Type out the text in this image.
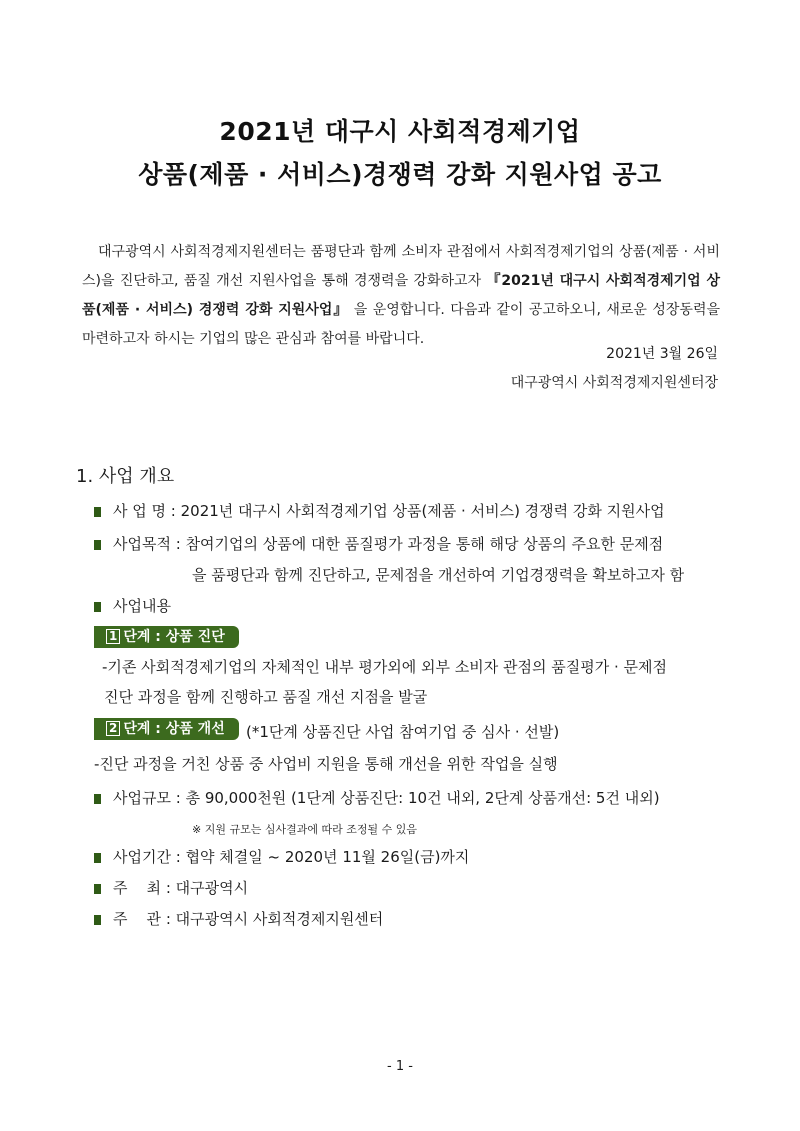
2021년 대구시 사회적경제기업
상품(제품 · 서비스)경쟁력 강화 지원사업 공고
대구광역시 사회적경제지원센터는 품평단과 함께 소비자 관점에서 사회적경제기업의 상품(제품 · 서비스)을 진단하고, 품질 개선 지원사업을 통해 경쟁력을 강화하고자 『2021년 대구시 사회적경제기업 상품(제품 · 서비스) 경쟁력 강화 지원사업』 을 운영합니다. 다음과 같이 공고하오니, 새로운 성장동력을 마련하고자 하시는 기업의 많은 관심과 참여를 바랍니다.
2021년 3월 26일
대구광역시 사회적경제지원센터장
1. 사업 개요
사 업 명 : 2021년 대구시 사회적경제기업 상품(제품 · 서비스) 경쟁력 강화 지원사업
사업목적 : 참여기업의 상품에 대한 품질평가 과정을 통해 해당 상품의 주요한 문제점
을 품평단과 함께 진단하고, 문제점을 개선하여 기업경쟁력을 확보하고자 함
사업내용
1 단계 : 상품 진단
-기존 사회적경제기업의 자체적인 내부 평가외에 외부 소비자 관점의 품질평가 · 문제점
진단 과정을 함께 진행하고 품질 개선 지점을 발굴
2 단계 : 상품 개선	(*1단계 상품진단 사업 참여기업 중 심사 · 선발)
-진단 과정을 거친 상품 중 사업비 지원을 통해 개선을 위한 작업을 실행
사업규모 : 총 90,000천원 (1단계 상품진단: 10건 내외, 2단계 상품개선: 5건 내외)
※ 지원 규모는 심사결과에 따라 조정될 수 있음
사업기간 : 협약 체결일 ~ 2020년 11월 26일(금)까지
주    최 : 대구광역시
주    관 : 대구광역시 사회적경제지원센터
- 1 -
